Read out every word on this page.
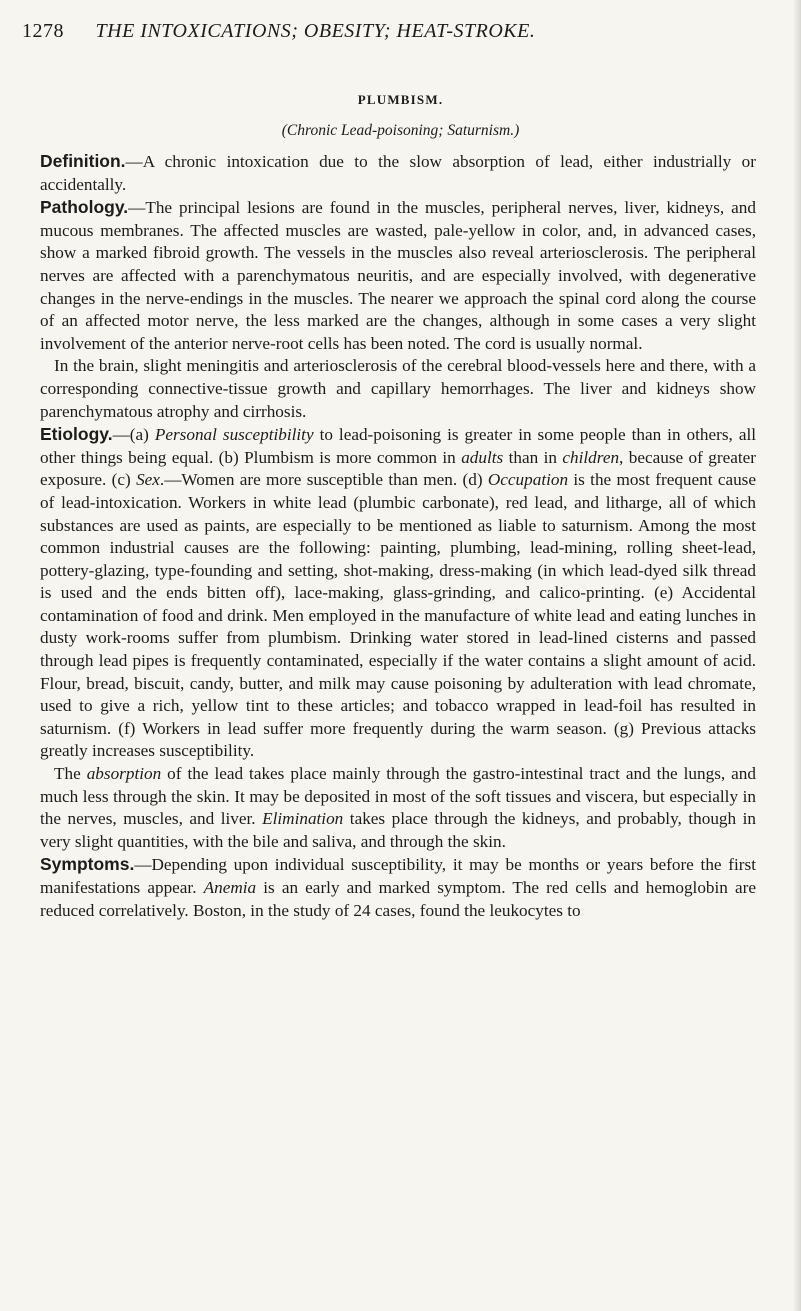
1278 THE INTOXICATIONS; OBESITY; HEAT-STROKE.
PLUMBISM.
(Chronic Lead-poisoning; Saturnism.)

Definition.—A chronic intoxication due to the slow absorption of lead, either industrially or accidentally.

Pathology.—The principal lesions are found in the muscles, peripheral nerves, liver, kidneys, and mucous membranes. The affected muscles are wasted, pale-yellow in color, and, in advanced cases, show a marked fibroid growth. The vessels in the muscles also reveal arteriosclerosis. The peripheral nerves are affected with a parenchymatous neuritis, and are especially involved, with degenerative changes in the nerve-endings in the muscles. The nearer we approach the spinal cord along the course of an affected motor nerve, the less marked are the changes, although in some cases a very slight involvement of the anterior nerve-root cells has been noted. The cord is usually normal.

In the brain, slight meningitis and arteriosclerosis of the cerebral blood-vessels here and there, with a corresponding connective-tissue growth and capillary hemorrhages. The liver and kidneys show parenchymatous atrophy and cirrhosis.

Etiology.—(a) Personal susceptibility to lead-poisoning is greater in some people than in others, all other things being equal. (b) Plumbism is more common in adults than in children, because of greater exposure. (c) Sex.—Women are more susceptible than men. (d) Occupation is the most frequent cause of lead-intoxication. Workers in white lead (plumbic carbonate), red lead, and litharge, all of which substances are used as paints, are especially to be mentioned as liable to saturnism. Among the most common industrial causes are the following: painting, plumbing, lead-mining, rolling sheet-lead, pottery-glazing, type-founding and setting, shot-making, dress-making (in which lead-dyed silk thread is used and the ends bitten off), lace-making, glass-grinding, and calico-printing. (e) Accidental contamination of food and drink. Men employed in the manufacture of white lead and eating lunches in dusty work-rooms suffer from plumbism. Drinking water stored in lead-lined cisterns and passed through lead pipes is frequently contaminated, especially if the water contains a slight amount of acid. Flour, bread, biscuit, candy, butter, and milk may cause poisoning by adulteration with lead chromate, used to give a rich, yellow tint to these articles; and tobacco wrapped in lead-foil has resulted in saturnism. (f) Workers in lead suffer more frequently during the warm season. (g) Previous attacks greatly increases susceptibility.

The absorption of the lead takes place mainly through the gastro-intestinal tract and the lungs, and much less through the skin. It may be deposited in most of the soft tissues and viscera, but especially in the nerves, muscles, and liver. Elimination takes place through the kidneys, and probably, though in very slight quantities, with the bile and saliva, and through the skin.

Symptoms.—Depending upon individual susceptibility, it may be months or years before the first manifestations appear. Anemia is an early and marked symptom. The red cells and hemoglobin are reduced correlatively. Boston, in the study of 24 cases, found the leukocytes to
